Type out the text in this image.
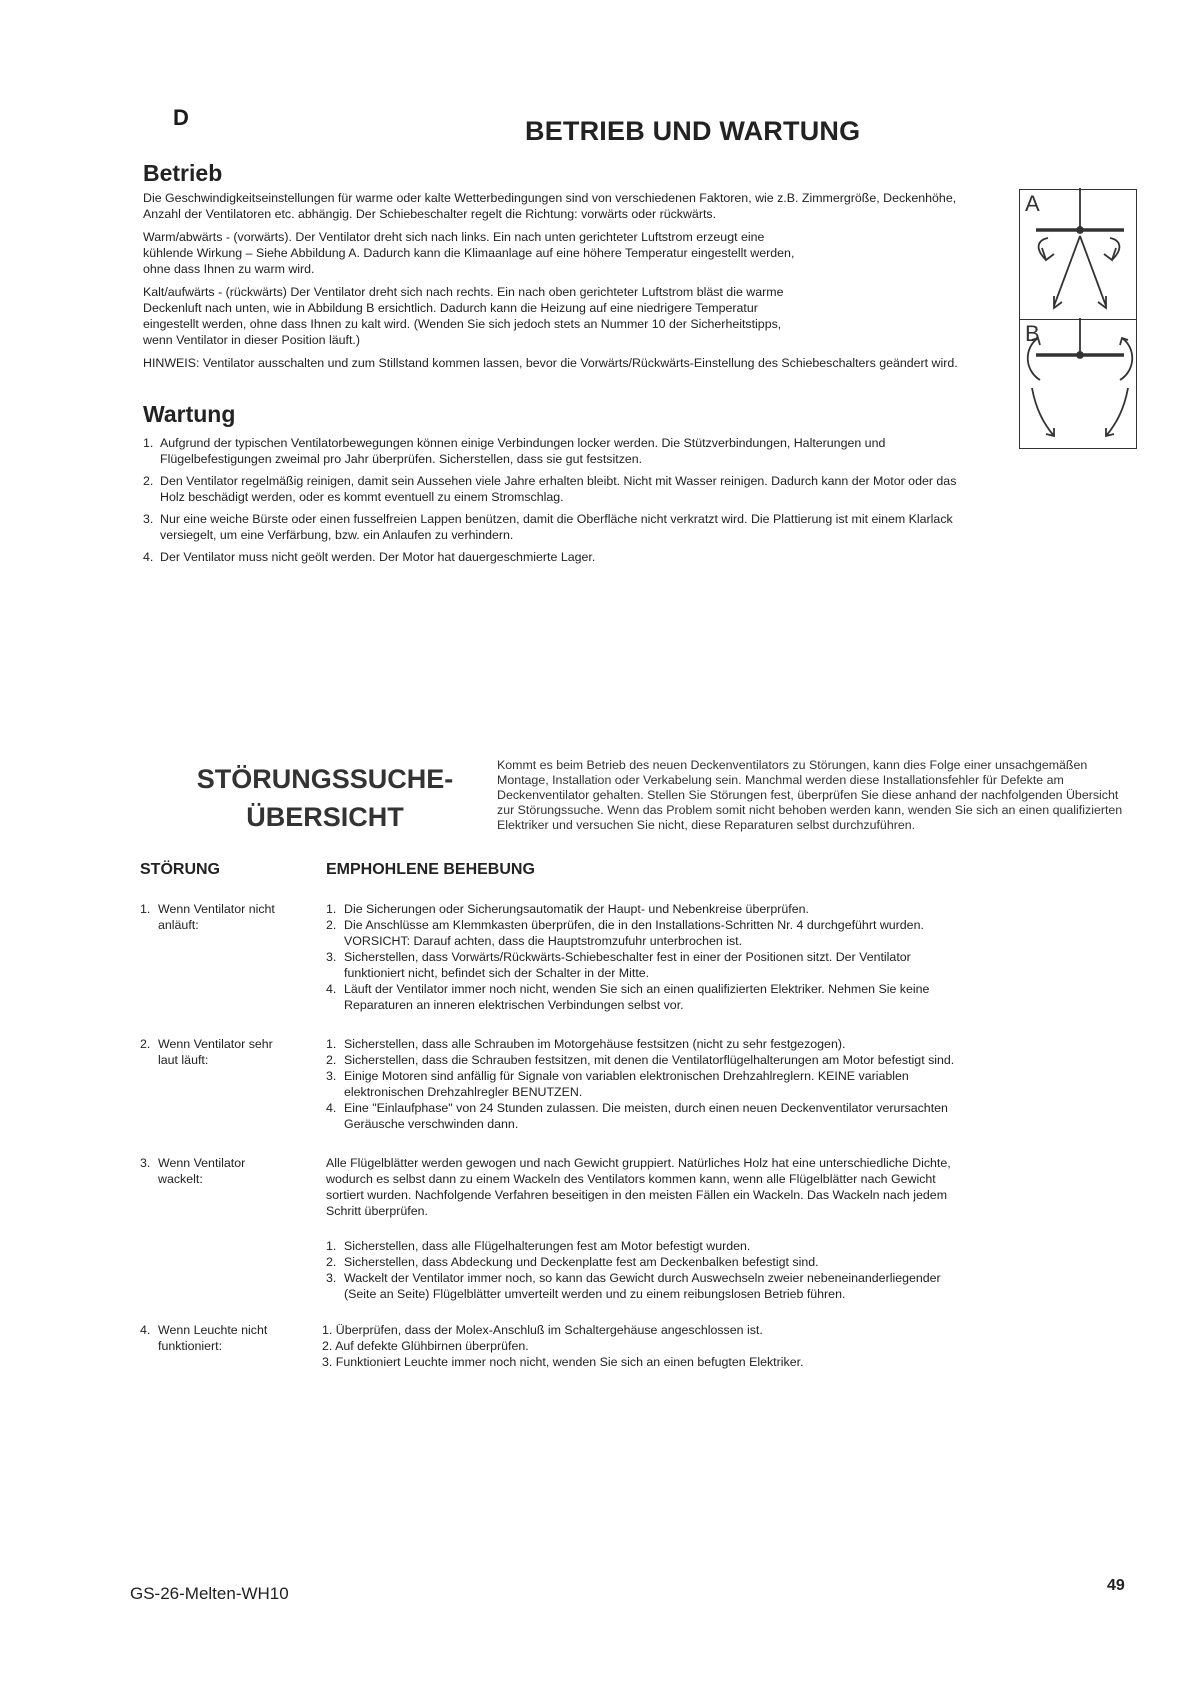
D	BETRIEB UND WARTUNG
Betrieb

Die Geschwindigkeitseinstellungen für warme oder kalte Wetterbedingungen sind von verschiedenen Faktoren, wie z.B. Zimmergröße, Deckenhöhe, Anzahl der Ventilatoren etc. abhängig. Der Schiebeschalter regelt die Richtung: vorwärts oder rückwärts.

Warm/abwärts - (vorwärts). Der Ventilator dreht sich nach links. Ein nach unten gerichteter Luftstrom erzeugt eine kühlende Wirkung – Siehe Abbildung A. Dadurch kann die Klimaanlage auf eine höhere Temperatur eingestellt werden, ohne dass Ihnen zu warm wird.

Kalt/aufwärts - (rückwärts) Der Ventilator dreht sich nach rechts. Ein nach oben gerichteter Luftstrom bläst die warme Deckenluft nach unten, wie in Abbildung B ersichtlich. Dadurch kann die Heizung auf eine niedrigere Temperatur eingestellt werden, ohne dass Ihnen zu kalt wird. (Wenden Sie sich jedoch stets an Nummer 10 der Sicherheitstipps, wenn Ventilator in dieser Position läuft.)

HINWEIS: Ventilator ausschalten und zum Stillstand kommen lassen, bevor die Vorwärts/Rückwärts-Einstellung des Schiebeschalters geändert wird.

A
B
Wartung
1. Aufgrund der typischen Ventilatorbewegungen können einige Verbindungen locker werden. Die Stützverbindungen, Halterungen und Flügelbefestigungen zweimal pro Jahr überprüfen. Sicherstellen, dass sie gut festsitzen.
2. Den Ventilator regelmäßig reinigen, damit sein Aussehen viele Jahre erhalten bleibt. Nicht mit Wasser reinigen. Dadurch kann der Motor oder das Holz beschädigt werden, oder es kommt eventuell zu einem Stromschlag.
3. Nur eine weiche Bürste oder einen fusselfreien Lappen benützen, damit die Oberfläche nicht verkratzt wird. Die Plattierung ist mit einem Klarlack versiegelt, um eine Verfärbung, bzw. ein Anlaufen zu verhindern.
4. Der Ventilator muss nicht geölt werden. Der Motor hat dauergeschmierte Lager.
STÖRUNGSSUCHE-
ÜBERSICHT
Kommt es beim Betrieb des neuen Deckenventilators zu Störungen, kann dies Folge einer unsachgemäßen Montage, Installation oder Verkabelung sein. Manchmal werden diese Installationsfehler für Defekte am Deckenventilator gehalten. Stellen Sie Störungen fest, überprüfen Sie diese anhand der nachfolgenden Übersicht zur Störungssuche. Wenn das Problem somit nicht behoben werden kann, wenden Sie sich an einen qualifizierten Elektriker und versuchen Sie nicht, diese Reparaturen selbst durchzuführen.
STÖRUNG	EMPHOHLENE BEHEBUNG
1. Wenn Ventilator nicht
anläuft:
1. Die Sicherungen oder Sicherungsautomatik der Haupt- und Nebenkreise überprüfen.
2. Die Anschlüsse am Klemmkasten überprüfen, die in den Installations-Schritten Nr. 4 durchgeführt wurden.
VORSICHT: Darauf achten, dass die Hauptstromzufuhr unterbrochen ist.
3. Sicherstellen, dass Vorwärts/Rückwärts-Schiebeschalter fest in einer der Positionen sitzt. Der Ventilator funktioniert nicht, befindet sich der Schalter in der Mitte.
4. Läuft der Ventilator immer noch nicht, wenden Sie sich an einen qualifizierten Elektriker. Nehmen Sie keine Reparaturen an inneren elektrischen Verbindungen selbst vor.
2. Wenn Ventilator sehr
laut läuft:
1. Sicherstellen, dass alle Schrauben im Motorgehäuse festsitzen (nicht zu sehr festgezogen).
2. Sicherstellen, dass die Schrauben festsitzen, mit denen die Ventilatorflügelhalterungen am Motor befestigt sind.
3. Einige Motoren sind anfällig für Signale von variablen elektronischen Drehzahlreglern. KEINE variablen elektronischen Drehzahlregler BENUTZEN.
4. Eine "Einlaufphase" von 24 Stunden zulassen. Die meisten, durch einen neuen Deckenventilator verursachten Geräusche verschwinden dann.
3. Wenn Ventilator
wackelt:

Alle Flügelblätter werden gewogen und nach Gewicht gruppiert. Natürliches Holz hat eine unterschiedliche Dichte, wodurch es selbst dann zu einem Wackeln des Ventilators kommen kann, wenn alle Flügelblätter nach Gewicht sortiert wurden. Nachfolgende Verfahren beseitigen in den meisten Fällen ein Wackeln. Das Wackeln nach jedem Schritt überprüfen.

1. Sicherstellen, dass alle Flügelhalterungen fest am Motor befestigt wurden.
2. Sicherstellen, dass Abdeckung und Deckenplatte fest am Deckenbalken befestigt sind.
3. Wackelt der Ventilator immer noch, so kann das Gewicht durch Auswechseln zweier nebeneinanderliegender (Seite an Seite) Flügelblätter umverteilt werden und zu einem reibungslosen Betrieb führen.
4. Wenn Leuchte nicht
funktioniert:
1. Überprüfen, dass der Molex-Anschluß im Schaltergehäuse angeschlossen ist.
2. Auf defekte Glühbirnen überprüfen.
3. Funktioniert Leuchte immer noch nicht, wenden Sie sich an einen befugten Elektriker.
GS-26-Melten-WH10	49
